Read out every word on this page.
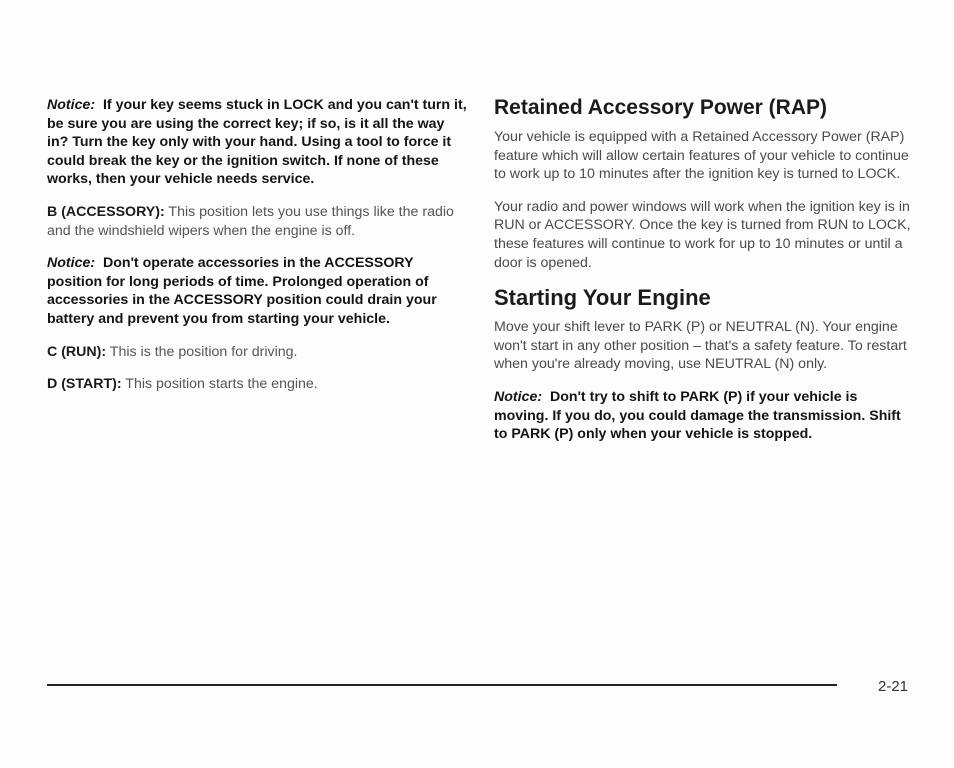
Notice: If your key seems stuck in LOCK and you can't turn it, be sure you are using the correct key; if so, is it all the way in? Turn the key only with your hand. Using a tool to force it could break the key or the ignition switch. If none of these works, then your vehicle needs service.

B (ACCESSORY): This position lets you use things like the radio and the windshield wipers when the engine is off.

Notice: Don't operate accessories in the ACCESSORY position for long periods of time. Prolonged operation of accessories in the ACCESSORY position could drain your battery and prevent you from starting your vehicle.

C (RUN): This is the position for driving.

D (START): This position starts the engine.

Retained Accessory Power (RAP)

Your vehicle is equipped with a Retained Accessory Power (RAP) feature which will allow certain features of your vehicle to continue to work up to 10 minutes after the ignition key is turned to LOCK.

Your radio and power windows will work when the ignition key is in RUN or ACCESSORY. Once the key is turned from RUN to LOCK, these features will continue to work for up to 10 minutes or until a door is opened.

Starting Your Engine

Move your shift lever to PARK (P) or NEUTRAL (N). Your engine won't start in any other position – that's a safety feature. To restart when you're already moving, use NEUTRAL (N) only.

Notice: Don't try to shift to PARK (P) if your vehicle is moving. If you do, you could damage the transmission. Shift to PARK (P) only when your vehicle is stopped.

2-21
